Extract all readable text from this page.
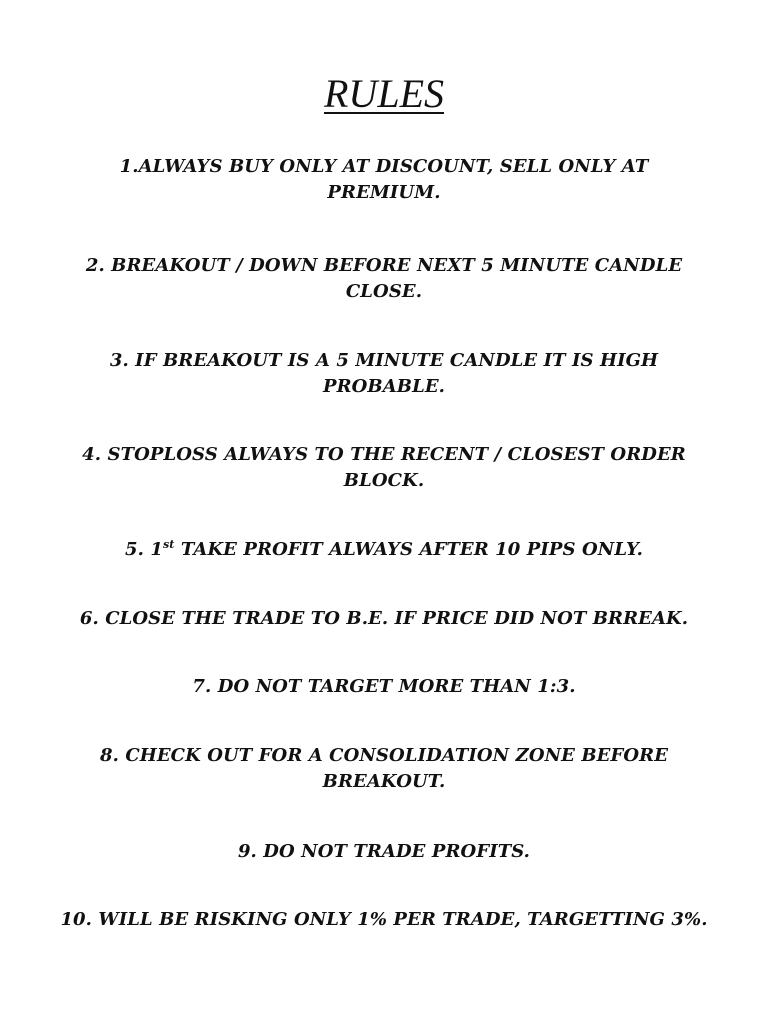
RULES
1.ALWAYS BUY ONLY AT DISCOUNT, SELL ONLY AT
PREMIUM.
2. BREAKOUT / DOWN BEFORE NEXT 5 MINUTE CANDLE
CLOSE.
3. IF BREAKOUT IS A 5 MINUTE CANDLE IT IS HIGH
PROBABLE.
4. STOPLOSS ALWAYS TO THE RECENT / CLOSEST ORDER
BLOCK.
5. 1st TAKE PROFIT ALWAYS AFTER 10 PIPS ONLY.
6. CLOSE THE TRADE TO B.E. IF PRICE DID NOT BRREAK.
7. DO NOT TARGET MORE THAN 1:3.
8. CHECK OUT FOR A CONSOLIDATION ZONE BEFORE
BREAKOUT.
9. DO NOT TRADE PROFITS.
10. WILL BE RISKING ONLY 1% PER TRADE, TARGETTING 3%.
